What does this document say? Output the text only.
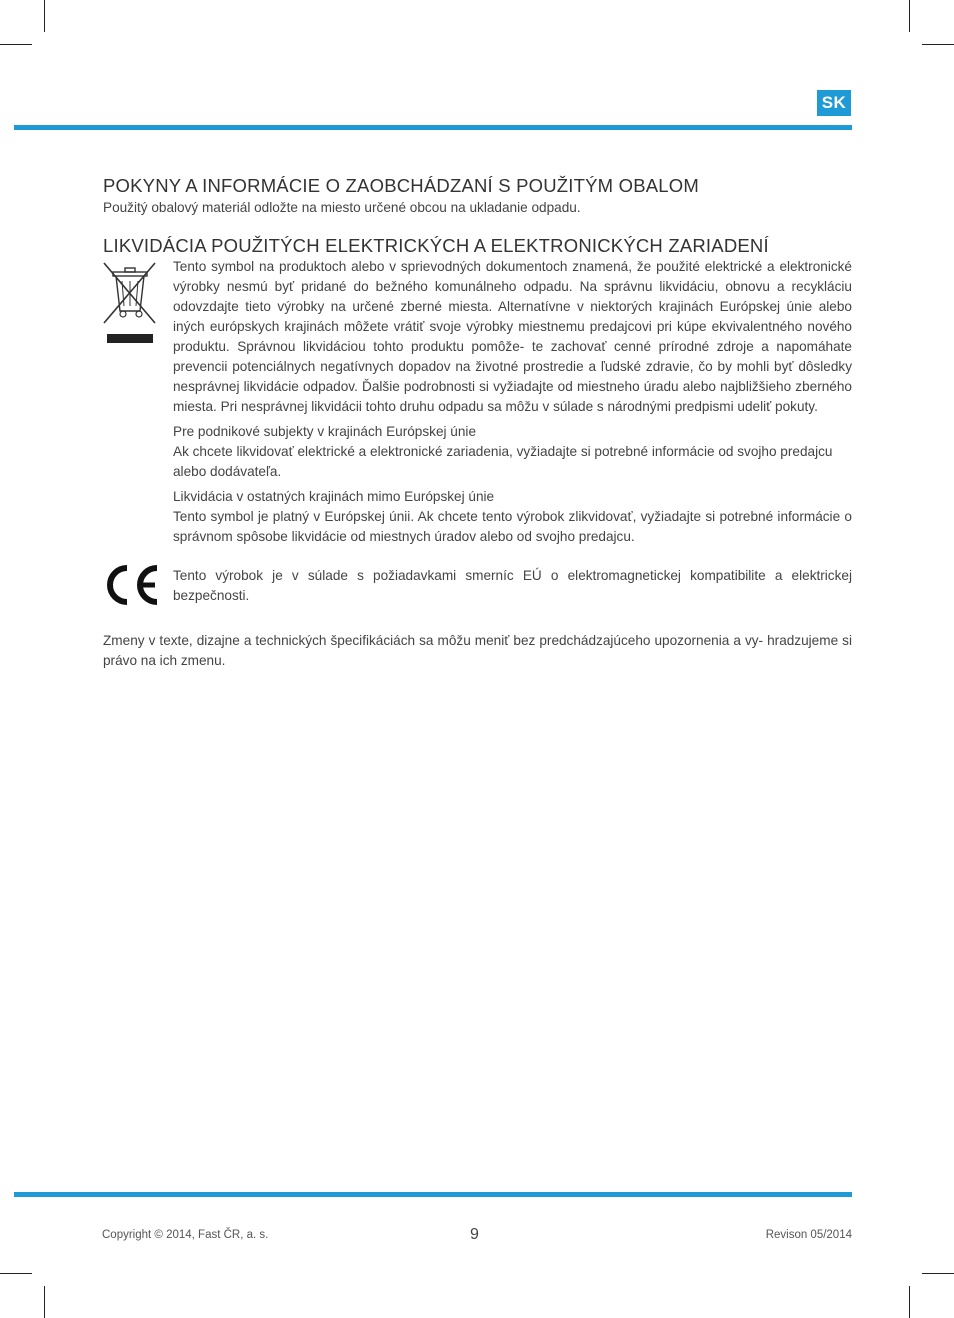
SK
POKYNY A INFORMÁCIE O ZAOBCHÁDZANÍ S POUŽITÝM OBALOM

Použitý obalový materiál odložte na miesto určené obcou na ukladanie odpadu.

LIKVIDÁCIA POUŽITÝCH ELEKTRICKÝCH A ELEKTRONICKÝCH ZARIADENÍ

Tento symbol na produktoch alebo v sprievodných dokumentoch znamená, že použité elektrické a elektronické výrobky nesmú byť pridané do bežného komunálneho odpadu. Na správnu likvidáciu, obnovu a recykláciu odovzdajte tieto výrobky na určené zberné miesta. Alternatívne v niektorých krajinách Európskej únie alebo iných európskych krajinách môžete vrátiť svoje výrobky miestnemu predajcovi pri kúpe ekvivalentného nového produktu. Správnou likvidáciou tohto produktu pomôže- te zachovať cenné prírodné zdroje a napomáhate prevencii potenciálnych negatívnych dopadov na životné prostredie a ľudské zdravie, čo by mohli byť dôsledky nesprávnej likvidácie odpadov. Ďalšie podrobnosti si vyžiadajte od miestneho úradu alebo najbližšieho zberného miesta. Pri nesprávnej likvidácii tohto druhu odpadu sa môžu v súlade s národnými predpismi udeliť pokuty.

Pre podnikové subjekty v krajinách Európskej únie

Ak chcete likvidovať elektrické a elektronické zariadenia, vyžiadajte si potrebné informácie od svojho predajcu alebo dodávateľa.

Likvidácia v ostatných krajinách mimo Európskej únie

Tento symbol je platný v Európskej únii. Ak chcete tento výrobok zlikvidovať, vyžiadajte si potrebné informácie o správnom spôsobe likvidácie od miestnych úradov alebo od svojho predajcu.

Tento výrobok je v súlade s požiadavkami smerníc EÚ o elektromagnetickej kompatibilite a elektrickej bezpečnosti.

Zmeny v texte, dizajne a technických špecifikáciách sa môžu meniť bez predchádzajúceho upozornenia a vy- hradzujeme si právo na ich zmenu.

Copyright © 2014, Fast ČR, a. s.	9	Revison 05/2014
